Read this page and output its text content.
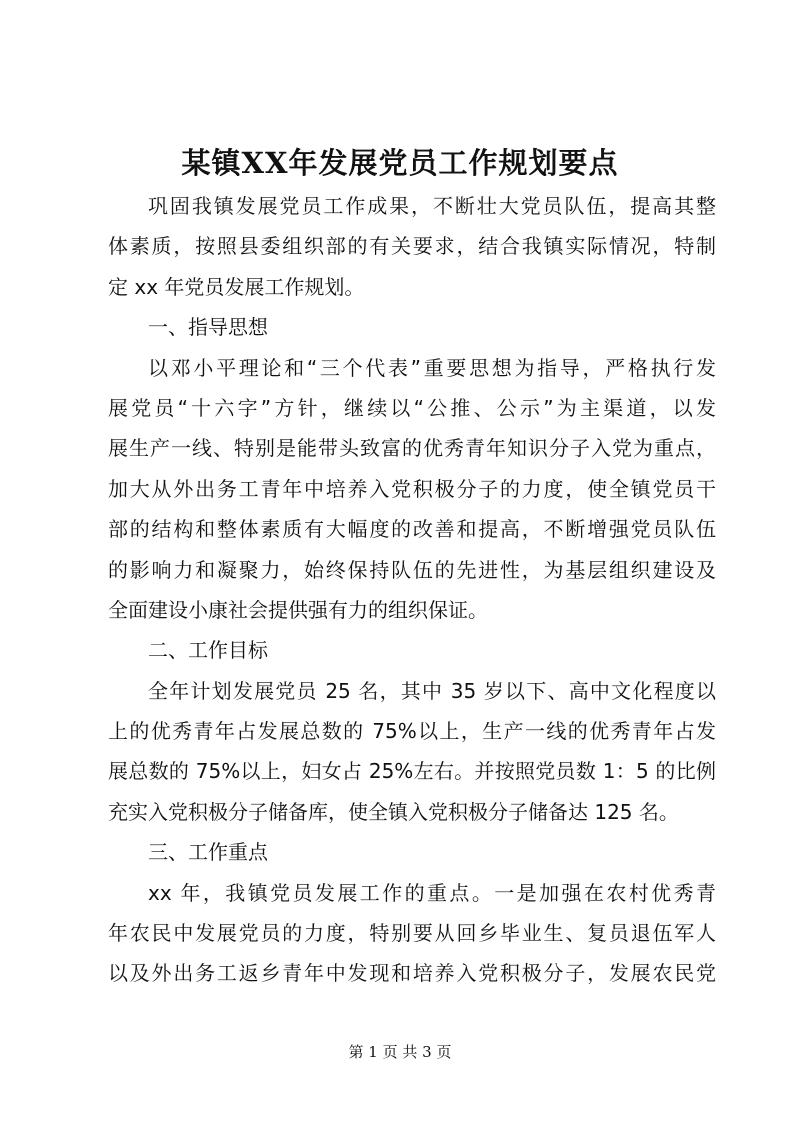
某镇XX年发展党员工作规划要点
巩固我镇发展党员工作成果，不断壮大党员队伍，提高其整
体素质，按照县委组织部的有关要求，结合我镇实际情况，特制
定 xx 年党员发展工作规划。
一、指导思想
以邓小平理论和“三个代表”重要思想为指导，严格执行发
展党员“十六字”方针，继续以“公推、公示”为主渠道，以发
展生产一线、特别是能带头致富的优秀青年知识分子入党为重点，
加大从外出务工青年中培养入党积极分子的力度，使全镇党员干
部的结构和整体素质有大幅度的改善和提高，不断增强党员队伍
的影响力和凝聚力，始终保持队伍的先进性，为基层组织建设及
全面建设小康社会提供强有力的组织保证。
二、工作目标
全年计划发展党员 25 名，其中 35 岁以下、高中文化程度以
上的优秀青年占发展总数的 75%以上，生产一线的优秀青年占发
展总数的 75%以上，妇女占 25%左右。并按照党员数 1：5 的比例
充实入党积极分子储备库，使全镇入党积极分子储备达 125 名。
三、工作重点
xx 年，我镇党员发展工作的重点。一是加强在农村优秀青
年农民中发展党员的力度，特别要从回乡毕业生、复员退伍军人
以及外出务工返乡青年中发现和培养入党积极分子，发展农民党
第 1 页 共 3 页
